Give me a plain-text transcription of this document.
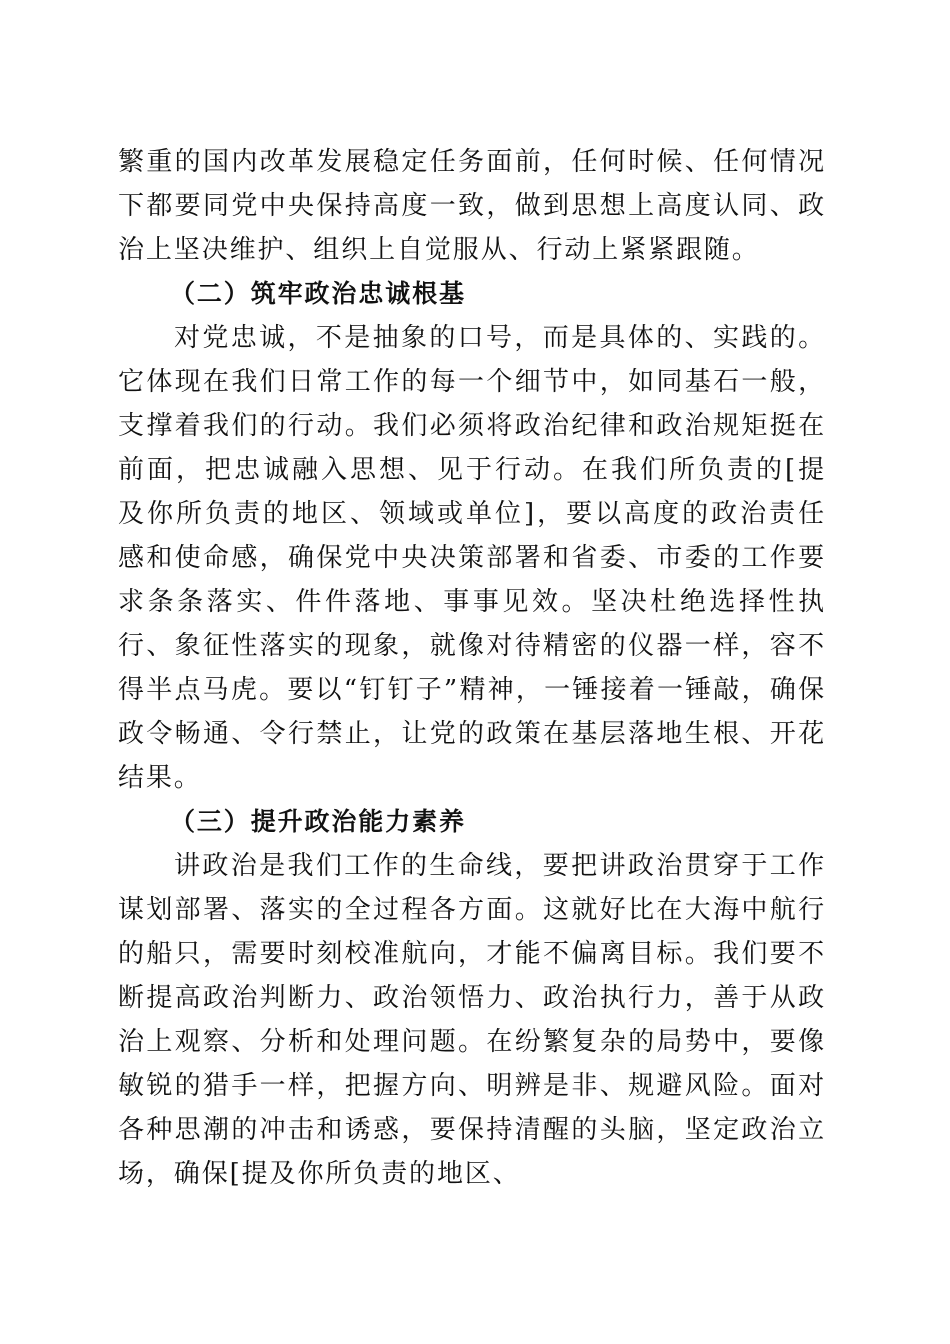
繁重的国内改革发展稳定任务面前，任何时候、任何情况下都要同党中央保持高度一致，做到思想上高度认同、政治上坚决维护、组织上自觉服从、行动上紧紧跟随。

（二）筑牢政治忠诚根基

对党忠诚，不是抽象的口号，而是具体的、实践的。它体现在我们日常工作的每一个细节中，如同基石一般，支撑着我们的行动。我们必须将政治纪律和政治规矩挺在前面，把忠诚融入思想、见于行动。在我们所负责的[提及你所负责的地区、领域或单位]，要以高度的政治责任感和使命感，确保党中央决策部署和省委、市委的工作要求条条落实、件件落地、事事见效。坚决杜绝选择性执行、象征性落实的现象，就像对待精密的仪器一样，容不得半点马虎。要以“钉钉子”精神，一锤接着一锤敲，确保政令畅通、令行禁止，让党的政策在基层落地生根、开花结果。

（三）提升政治能力素养

讲政治是我们工作的生命线，要把讲政治贯穿于工作谋划部署、落实的全过程各方面。这就好比在大海中航行的船只，需要时刻校准航向，才能不偏离目标。我们要不断提高政治判断力、政治领悟力、政治执行力，善于从政治上观察、分析和处理问题。在纷繁复杂的局势中，要像敏锐的猎手一样，把握方向、明辨是非、规避风险。面对各种思潮的冲击和诱惑，要保持清醒的头脑，坚定政治立场，确保[提及你所负责的地区、
